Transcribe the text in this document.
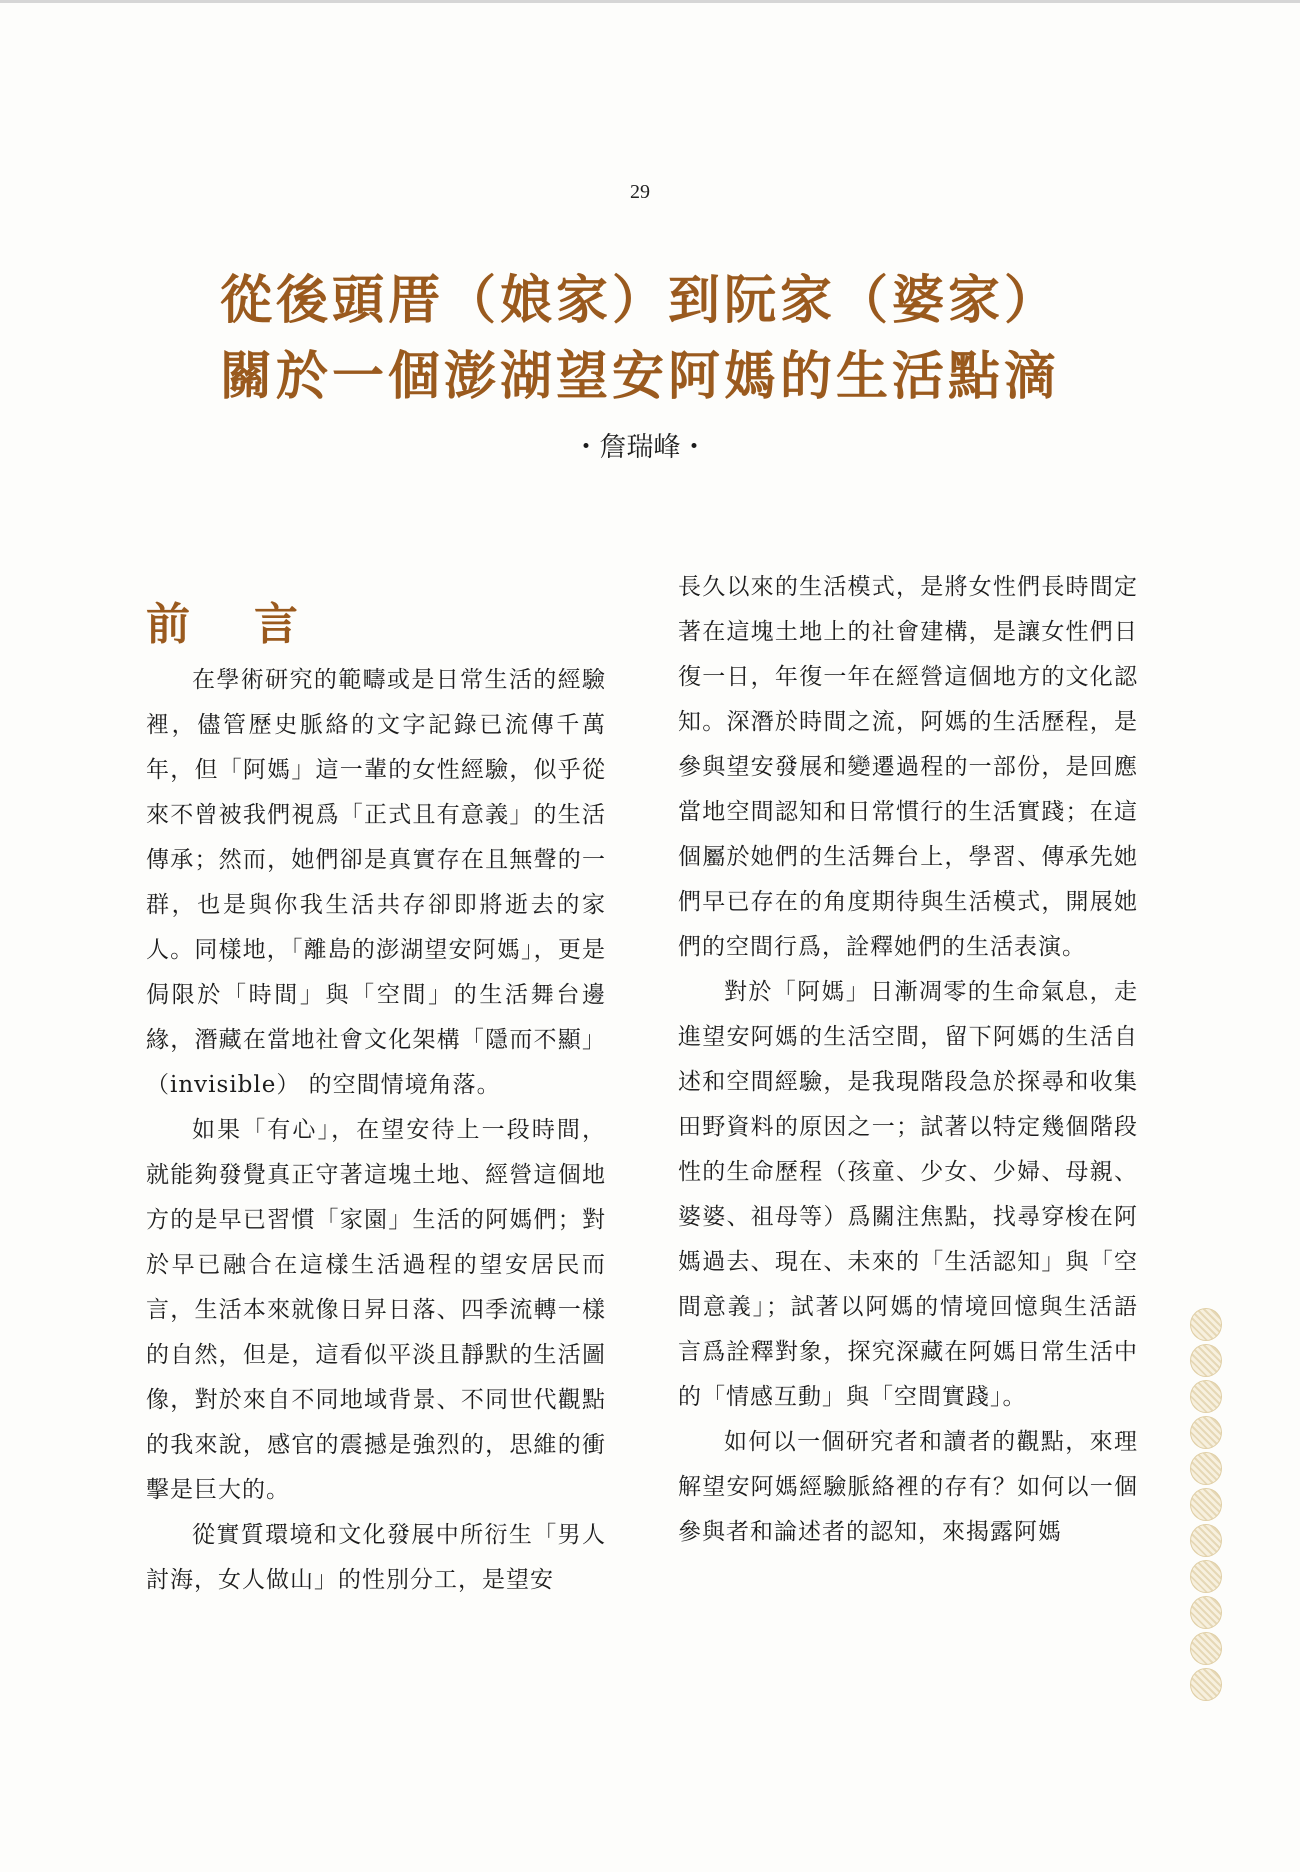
29
從後頭厝（娘家）到阮家（婆家）
關於一個澎湖望安阿媽的生活點滴
・詹瑞峰・
前言

在學術研究的範疇或是日常生活的經驗裡，儘管歷史脈絡的文字記錄已流傳千萬年，但「阿媽」這一輩的女性經驗，似乎從來不曾被我們視爲「正式且有意義」的生活傳承；然而，她們卻是真實存在且無聲的一群，也是與你我生活共存卻即將逝去的家人。同樣地，「離島的澎湖望安阿媽」，更是侷限於「時間」與「空間」的生活舞台邊緣，潛藏在當地社會文化架構「隱而不顯」（invisible） 的空間情境角落。

如果「有心」，在望安待上一段時間，就能夠發覺真正守著這塊土地、經營這個地方的是早已習慣「家園」生活的阿媽們；對於早已融合在這樣生活過程的望安居民而言，生活本來就像日昇日落、四季流轉一樣的自然，但是，這看似平淡且靜默的生活圖像，對於來自不同地域背景、不同世代觀點的我來說，感官的震撼是強烈的，思維的衝擊是巨大的。

從實質環境和文化發展中所衍生「男人討海，女人做山」的性別分工，是望安

長久以來的生活模式，是將女性們長時間定著在這塊土地上的社會建構，是讓女性們日復一日，年復一年在經營這個地方的文化認知。深潛於時間之流，阿媽的生活歷程，是參與望安發展和變遷過程的一部份，是回應當地空間認知和日常慣行的生活實踐；在這個屬於她們的生活舞台上，學習、傳承先她們早已存在的角度期待與生活模式，開展她們的空間行爲，詮釋她們的生活表演。

對於「阿媽」日漸凋零的生命氣息，走進望安阿媽的生活空間，留下阿媽的生活自述和空間經驗，是我現階段急於探尋和收集田野資料的原因之一；試著以特定幾個階段性的生命歷程（孩童、少女、少婦、母親、婆婆、祖母等）爲關注焦點，找尋穿梭在阿媽過去、現在、未來的「生活認知」與「空間意義」；試著以阿媽的情境回憶與生活語言爲詮釋對象，探究深藏在阿媽日常生活中的「情感互動」與「空間實踐」。

如何以一個研究者和讀者的觀點，來理解望安阿媽經驗脈絡裡的存有？如何以一個參與者和論述者的認知，來揭露阿媽
